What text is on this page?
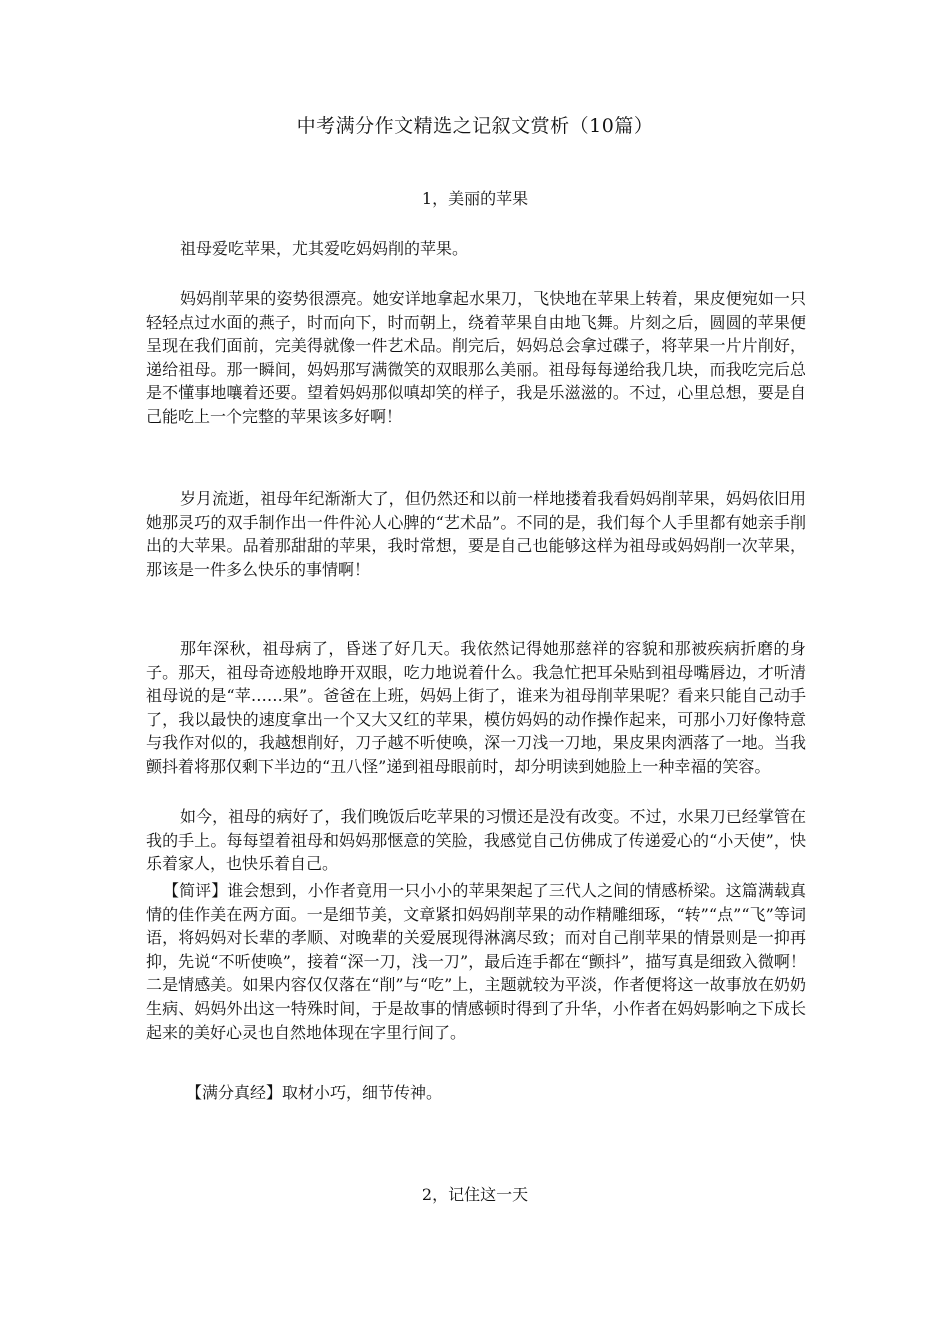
中考满分作文精选之记叙文赏析（10篇）
1，美丽的苹果

祖母爱吃苹果，尤其爱吃妈妈削的苹果。

妈妈削苹果的姿势很漂亮。她安详地拿起水果刀，飞快地在苹果上转着，果皮便宛如一只轻轻点过水面的燕子，时而向下，时而朝上，绕着苹果自由地飞舞。片刻之后，圆圆的苹果便呈现在我们面前，完美得就像一件艺术品。削完后，妈妈总会拿过碟子，将苹果一片片削好，递给祖母。那一瞬间，妈妈那写满微笑的双眼那么美丽。祖母每每递给我几块，而我吃完后总是不懂事地嚷着还要。望着妈妈那似嗔却笑的样子，我是乐滋滋的。不过，心里总想，要是自己能吃上一个完整的苹果该多好啊！

岁月流逝，祖母年纪渐渐大了，但仍然还和以前一样地搂着我看妈妈削苹果，妈妈依旧用她那灵巧的双手制作出一件件沁人心脾的“艺术品”。不同的是，我们每个人手里都有她亲手削出的大苹果。品着那甜甜的苹果，我时常想，要是自己也能够这样为祖母或妈妈削一次苹果，那该是一件多么快乐的事情啊！

那年深秋，祖母病了，昏迷了好几天。我依然记得她那慈祥的容貌和那被疾病折磨的身子。那天，祖母奇迹般地睁开双眼，吃力地说着什么。我急忙把耳朵贴到祖母嘴唇边，才听清祖母说的是“苹……果”。爸爸在上班，妈妈上街了，谁来为祖母削苹果呢？看来只能自己动手了，我以最快的速度拿出一个又大又红的苹果，模仿妈妈的动作操作起来，可那小刀好像特意与我作对似的，我越想削好，刀子越不听使唤，深一刀浅一刀地，果皮果肉洒落了一地。当我颤抖着将那仅剩下半边的“丑八怪”递到祖母眼前时，却分明读到她脸上一种幸福的笑容。

如今，祖母的病好了，我们晚饭后吃苹果的习惯还是没有改变。不过，水果刀已经掌管在我的手上。每每望着祖母和妈妈那惬意的笑脸，我感觉自己仿佛成了传递爱心的“小天使”，快乐着家人，也快乐着自己。

【简评】谁会想到，小作者竟用一只小小的苹果架起了三代人之间的情感桥梁。这篇满载真情的佳作美在两方面。一是细节美，文章紧扣妈妈削苹果的动作精雕细琢，“转”“点”“飞”等词语，将妈妈对长辈的孝顺、对晚辈的关爱展现得淋漓尽致；而对自己削苹果的情景则是一抑再抑，先说“不听使唤”，接着“深一刀，浅一刀”，最后连手都在“颤抖”，描写真是细致入微啊！二是情感美。如果内容仅仅落在“削”与“吃”上，主题就较为平淡，作者便将这一故事放在奶奶生病、妈妈外出这一特殊时间，于是故事的情感顿时得到了升华，小作者在妈妈影响之下成长起来的美好心灵也自然地体现在字里行间了。

【满分真经】取材小巧，细节传神。

2，记住这一天
